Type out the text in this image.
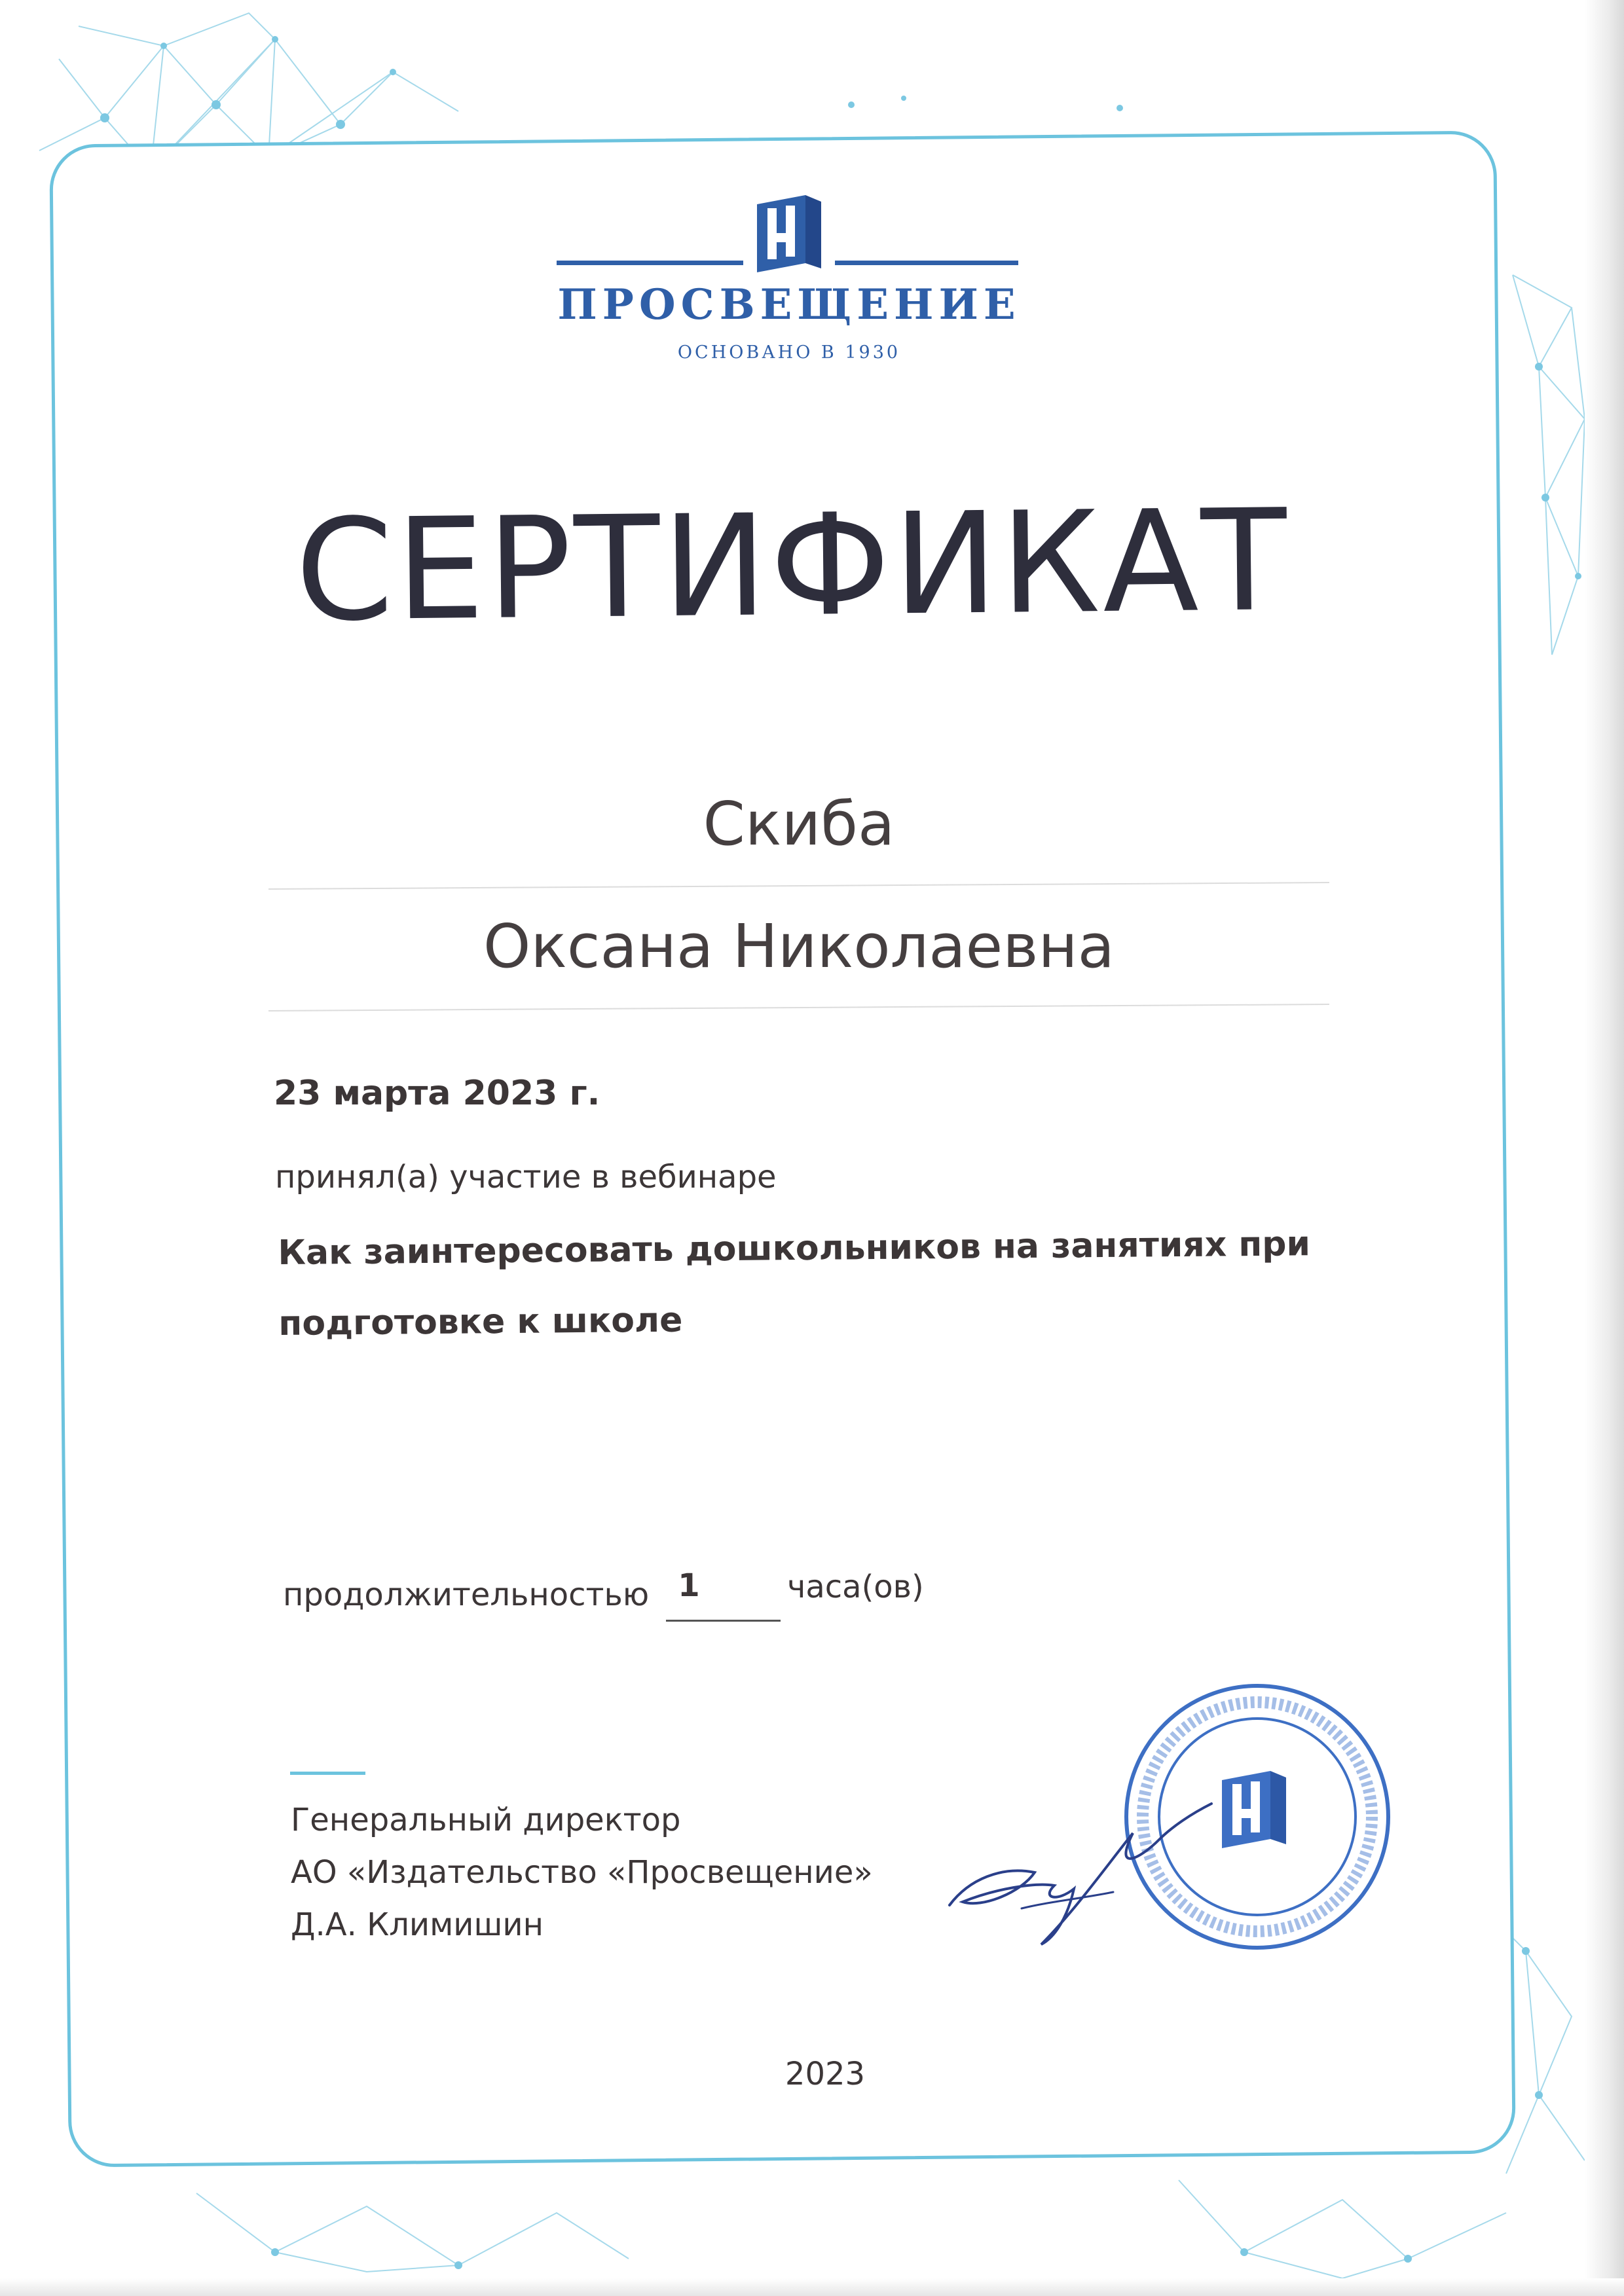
ПРОСВЕЩЕНИЕ
ОСНОВАНО В 1930
СЕРТИФИКАТ
Скиба
Оксана Николаевна
23 марта 2023 г.
принял(а) участие в вебинаре
Как заинтересовать дошкольников на занятиях при
подготовке к школе
продолжительностью 1	часа(ов)
Генеральный директор
АО «Издательство «Просвещение»
Д.А. Климишин
2023
